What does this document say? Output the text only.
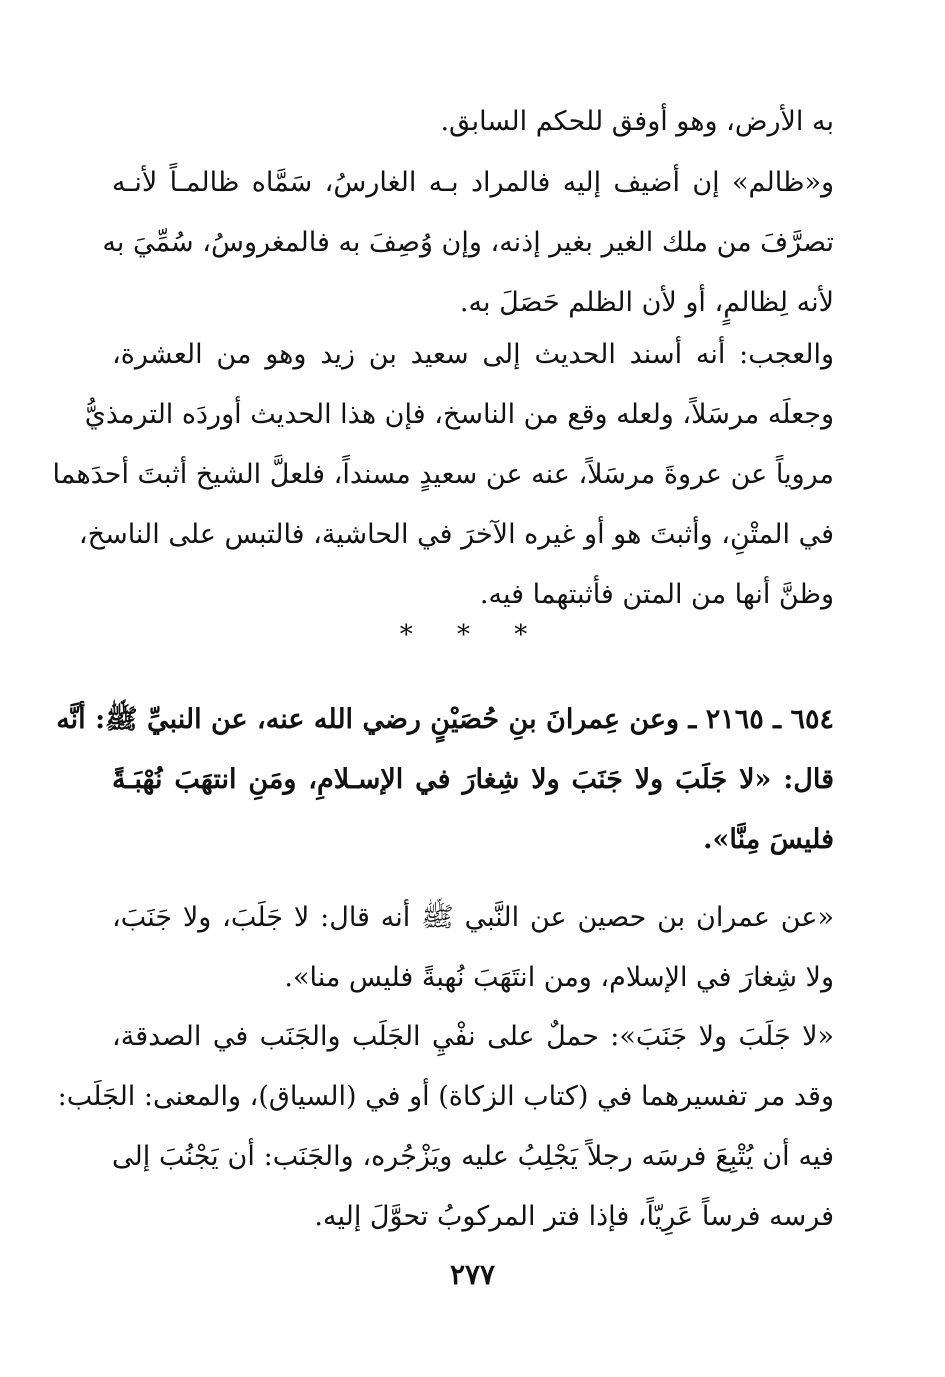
به الأرض، وهو أوفق للحكم السابق.
و«ظالم» إن أضيف إليه فالمراد بـه الغارسُ، سَمَّاه ظالمـاً لأنـه
تصرَّفَ من ملك الغير بغير إذنه، وإن وُصِفَ به فالمغروسُ، سُمِّيَ به
لأنه لِظالمٍ، أو لأن الظلم حَصَلَ به.
والعجب: أنه أسند الحديث إلى سعيد بن زيد وهو من العشرة،
وجعلَه مرسَلاً، ولعله وقع من الناسخ، فإن هذا الحديث أوردَه الترمذيُّ
مروياً عن عروةَ مرسَلاً، عنه عن سعيدٍ مسنداً، فلعلَّ الشيخ أثبتَ أحدَهما
في المتْنِ، وأثبتَ هو أو غيره الآخرَ في الحاشية، فالتبس على الناسخ،
وظنَّ أنها من المتن فأثبتهما فيه.
* * *
٦٥٤ ـ ٢١٦٥ ـ وعن عِمرانَ بنِ حُصَيْنٍ رضي الله عنه، عن النبيِّ ﷺ: أنَّه
قال: «لا جَلَبَ ولا جَنَبَ ولا شِغارَ في الإسـلامِ، ومَنِ انتهَبَ نُهْبَـةً
فليسَ مِنَّا».
«عن عمران بن حصين عن النَّبي ﷺ أنه قال: لا جَلَبَ، ولا جَنَبَ،
ولا شِغارَ في الإسلام، ومن انتَهَبَ نُهبةً فليس منا».
«لا جَلَبَ ولا جَنَبَ»: حملٌ على نفْيِ الجَلَب والجَنَب في الصدقة،
وقد مر تفسيرهما في (كتاب الزكاة) أو في (السياق)، والمعنى: الجَلَب:
فيه أن يُتْبِعَ فرسَه رجلاً يَجْلِبُ عليه ويَزْجُره، والجَنَب: أن يَجْنُبَ إلى
فرسه فرساً عَرِيّاً، فإذا فتر المركوبُ تحوَّلَ إليه.
٢٧٧
